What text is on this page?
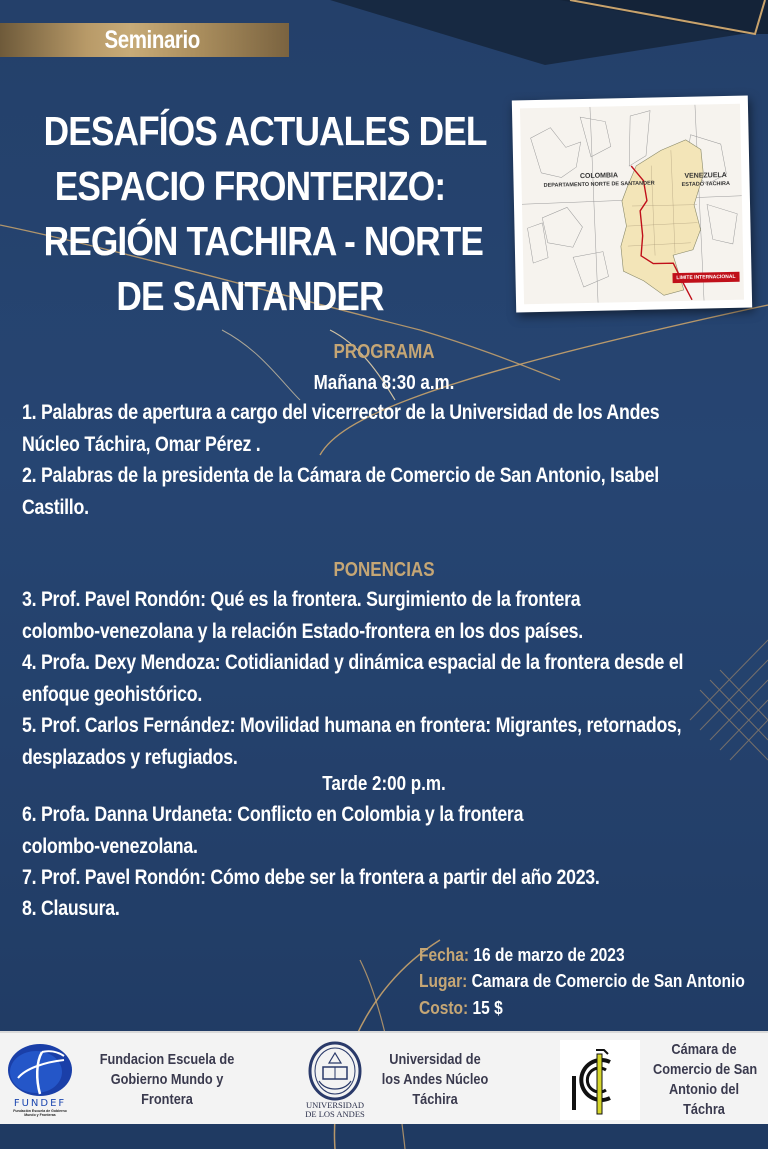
Seminario
DESAFÍOS ACTUALES DEL
ESPACIO FRONTERIZO:
REGIÓN TACHIRA - NORTE
DE SANTANDER
COLOMBIA
DEPARTAMENTO NORTE DE SANTANDER
VENEZUELA
ESTADO TACHIRA
LIMITE INTERNACIONAL
PROGRAMA
Mañana 8:30 a.m.
1. Palabras de apertura a cargo del vicerrector de la Universidad de los Andes
Núcleo Táchira, Omar Pérez .
2. Palabras de la presidenta de la Cámara de Comercio de San Antonio, Isabel
Castillo.
PONENCIAS
3. Prof. Pavel Rondón: Qué es la frontera. Surgimiento de la frontera
colombo-venezolana y la relación Estado-frontera en los dos países.
4. Profa. Dexy Mendoza: Cotidianidad y dinámica espacial de la frontera desde el
enfoque geohistórico.
5. Prof. Carlos Fernández: Movilidad humana en frontera: Migrantes, retornados,
desplazados y refugiados.
Tarde 2:00 p.m.
6. Profa. Danna Urdaneta: Conflicto en Colombia y la frontera
colombo-venezolana.
7. Prof. Pavel Rondón: Cómo debe ser la frontera a partir del año 2023.
8. Clausura.
Fecha: 16 de marzo de 2023
Lugar: Camara de Comercio de San Antonio
Costo: 15 $
FUNDEF
Fundación Escuela de Gobierno
Mundo y Fronteras
Fundacion Escuela de
Gobierno Mundo y
Frontera	UNIVERSIDAD
DE LOS ANDES
Universidad de
los Andes Núcleo
Táchira
Cámara de
Comercio de San
Antonio del
Táchra
